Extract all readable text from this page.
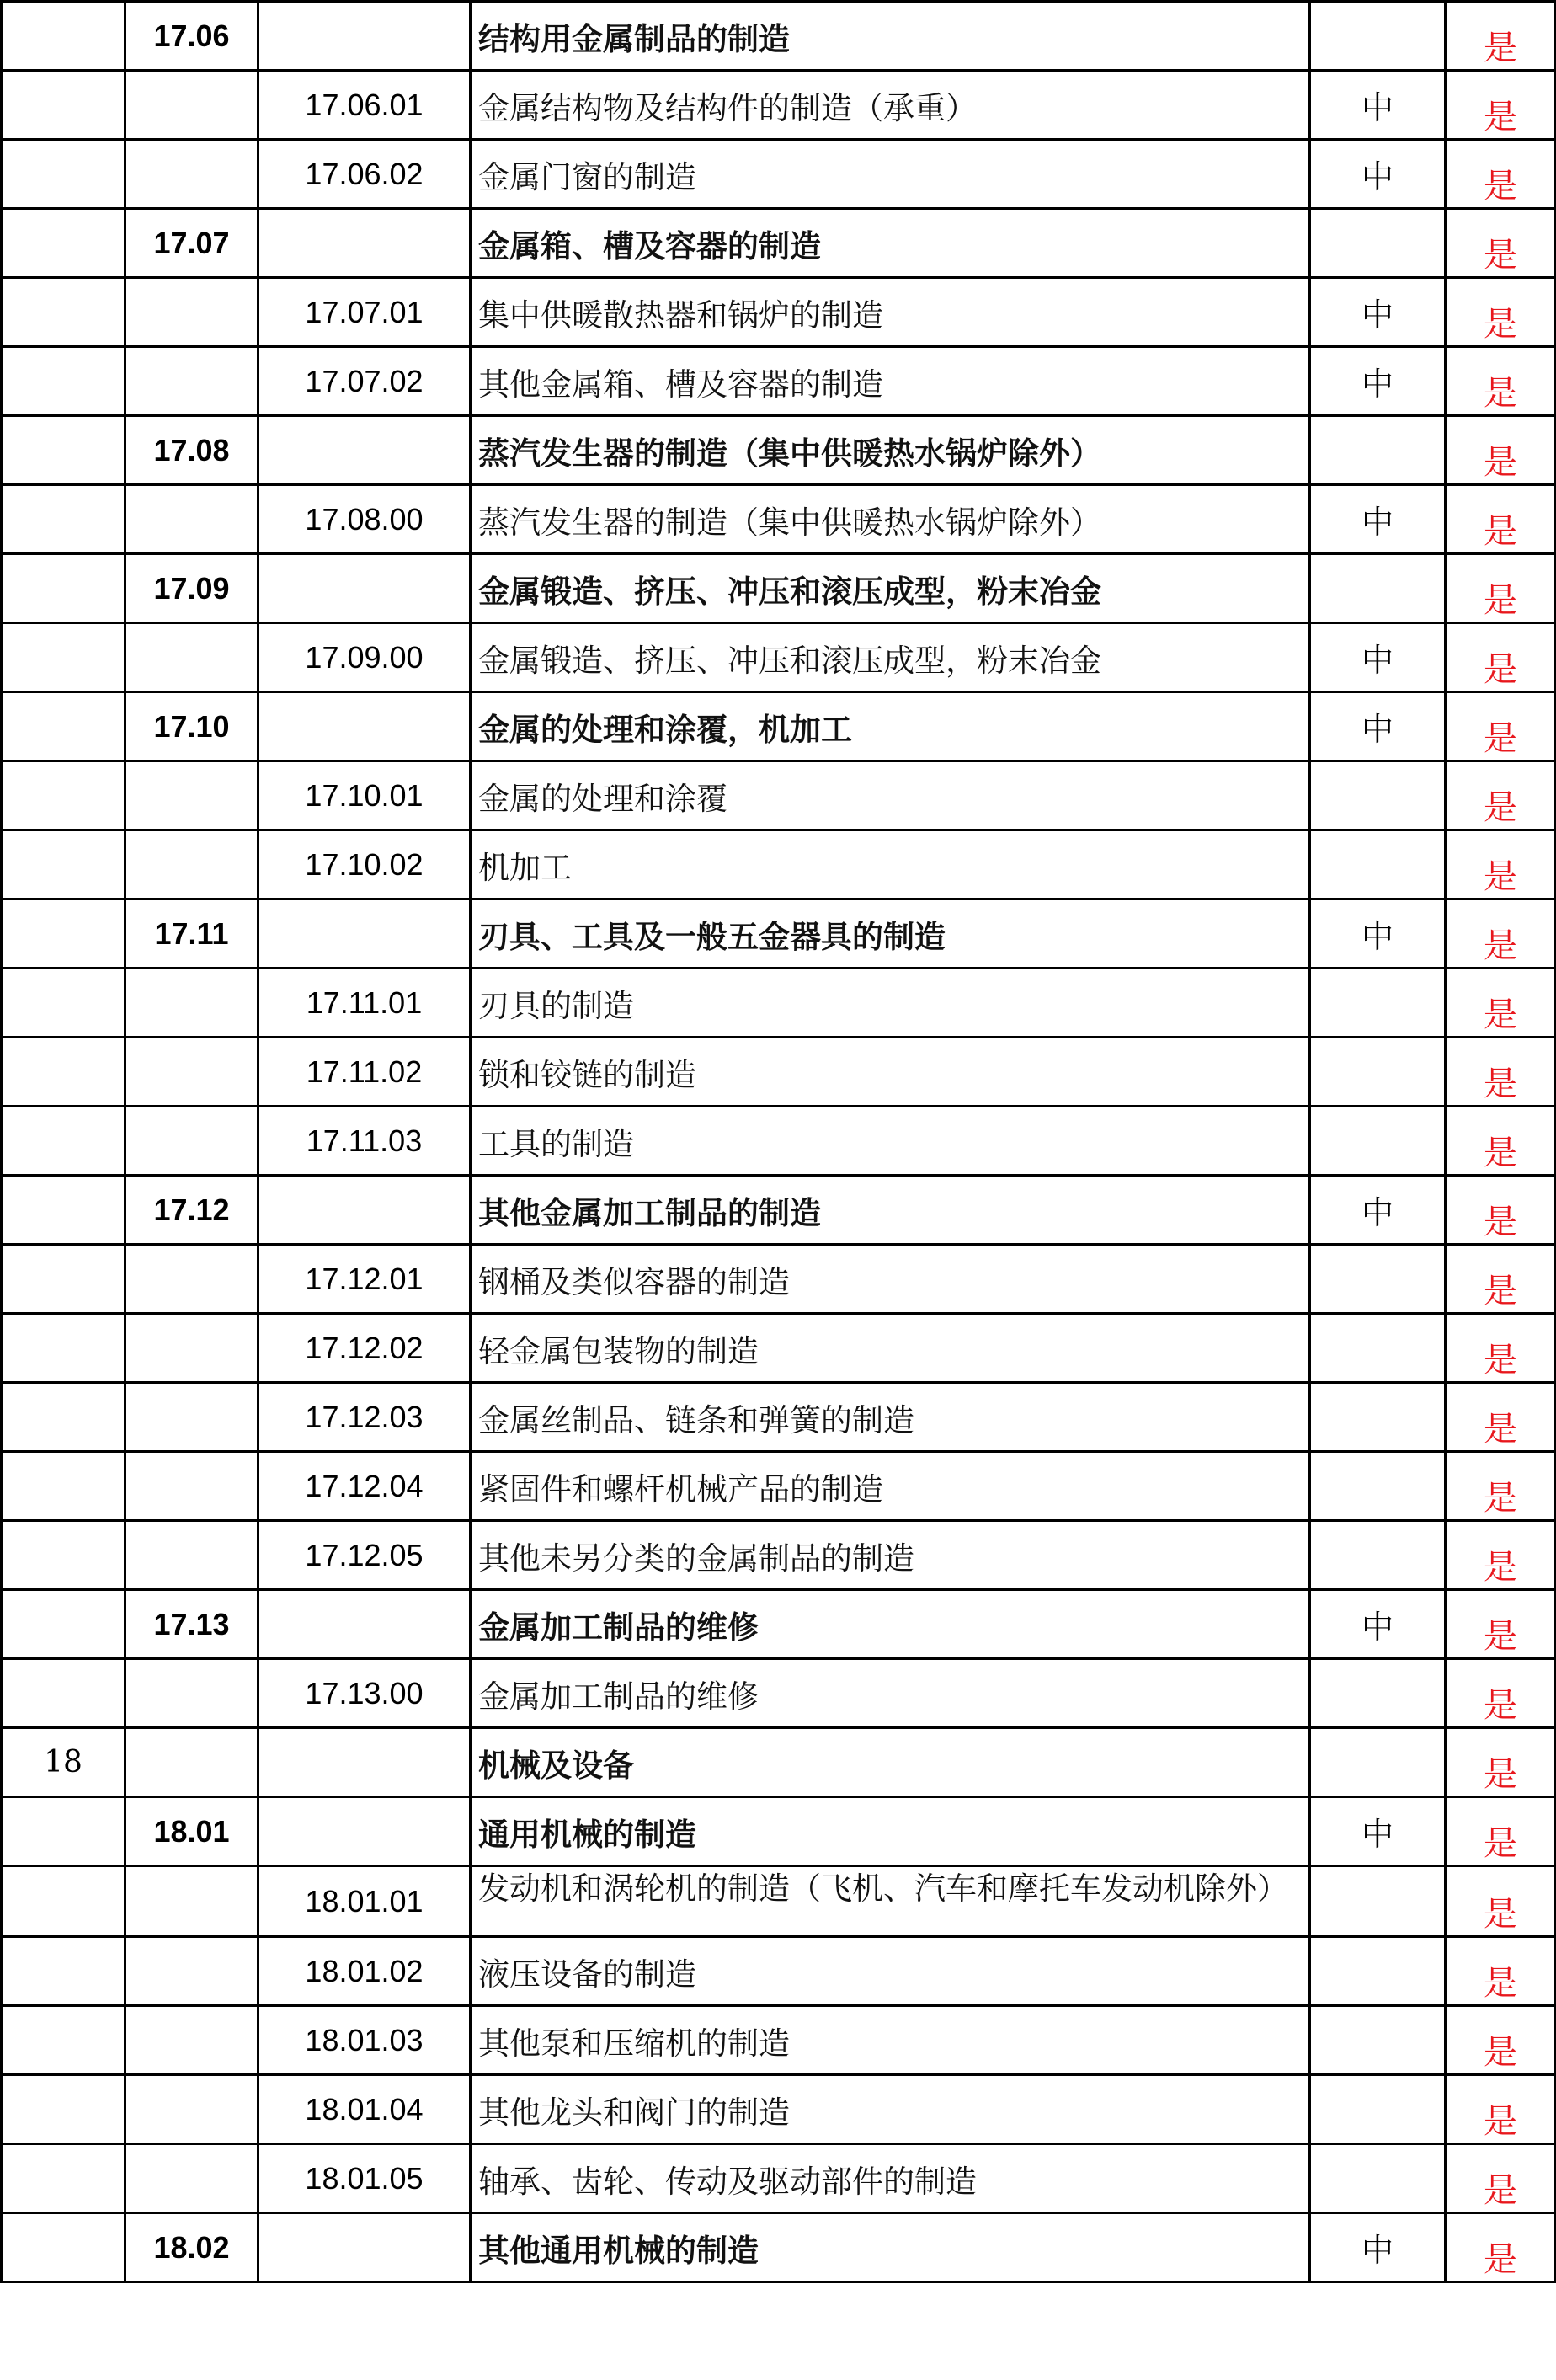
	17.06		结构用金属制品的制造		是
		17.06.01	金属结构物及结构件的制造（承重）	中	是
		17.06.02	金属门窗的制造	中	是
	17.07		金属箱、槽及容器的制造		是
		17.07.01	集中供暖散热器和锅炉的制造	中	是
		17.07.02	其他金属箱、槽及容器的制造	中	是
	17.08		蒸汽发生器的制造（集中供暖热水锅炉除外）		是
		17.08.00	蒸汽发生器的制造（集中供暖热水锅炉除外）	中	是
	17.09		金属锻造、挤压、冲压和滚压成型，粉末冶金		是
		17.09.00	金属锻造、挤压、冲压和滚压成型，粉末冶金	中	是
	17.10		金属的处理和涂覆，机加工	中	是
		17.10.01	金属的处理和涂覆		是
		17.10.02	机加工		是
	17.11		刃具、工具及一般五金器具的制造	中	是
		17.11.01	刃具的制造		是
		17.11.02	锁和铰链的制造		是
		17.11.03	工具的制造		是
	17.12		其他金属加工制品的制造	中	是
		17.12.01	钢桶及类似容器的制造		是
		17.12.02	轻金属包装物的制造		是
		17.12.03	金属丝制品、链条和弹簧的制造		是
		17.12.04	紧固件和螺杆机械产品的制造		是
		17.12.05	其他未另分类的金属制品的制造		是
	17.13		金属加工制品的维修	中	是
		17.13.00	金属加工制品的维修		是
18			机械及设备		是
	18.01		通用机械的制造	中	是
		18.01.01	发动机和涡轮机的制造（飞机、汽车和摩托车发动机除外）		是
		18.01.02	液压设备的制造		是
		18.01.03	其他泵和压缩机的制造		是
		18.01.04	其他龙头和阀门的制造		是
		18.01.05	轴承、齿轮、传动及驱动部件的制造		是
	18.02		其他通用机械的制造	中	是
